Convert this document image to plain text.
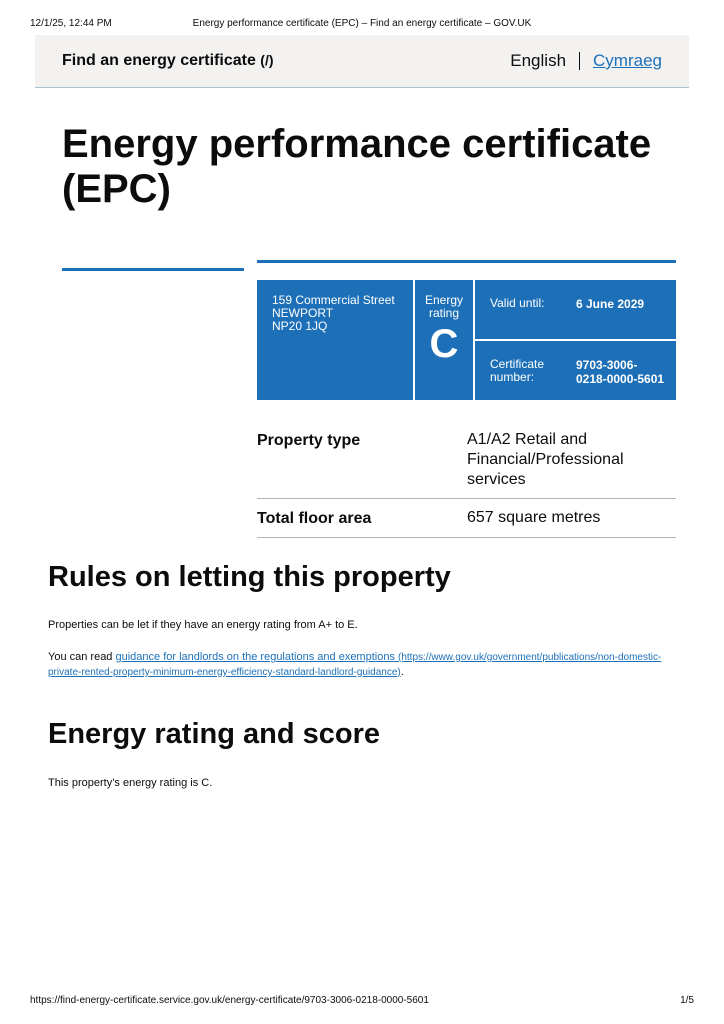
12/1/25, 12:44 PM	Energy performance certificate (EPC) – Find an energy certificate – GOV.UK
Find an energy certificate (/)	English Cymraeg
Energy performance certificate (EPC)
159 Commercial Street
NEWPORT
NP20 1JQ
Energy
rating
C
Valid until:	6 June 2029
Certificate
number:
9703-3006-0218-0000-5601
Property type	A1/A2 Retail and Financial/Professional services
Total floor area	657 square metres
Rules on letting this property

Properties can be let if they have an energy rating from A+ to E.

You can read guidance for landlords on the regulations and exemptions (https://www.gov.uk/government/publications/non-domestic-private-rented-property-minimum-energy-efficiency-standard-landlord-guidance).

Energy rating and score

This property’s energy rating is C.

https://find-energy-certificate.service.gov.uk/energy-certificate/9703-3006-0218-0000-5601	1/5
